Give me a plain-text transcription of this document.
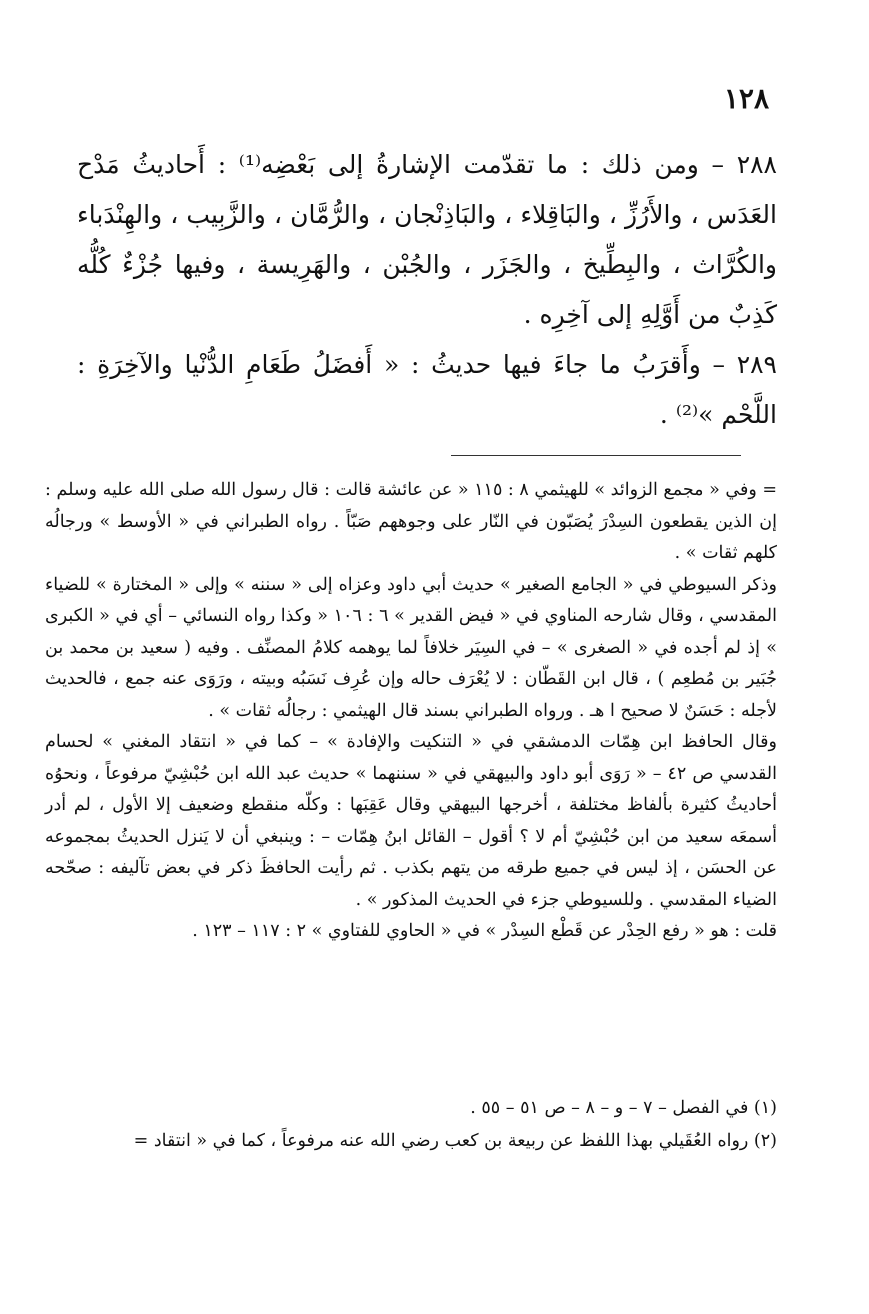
١٢٨

٢٨٨ – ومن ذلك : ما تقدّمت الإشارةُ إلى بَعْضِه⁽¹⁾ : أَحاديثُ مَدْح العَدَس ، والأَرُزِّ ، والبَاقِلاء ، والبَاذِنْجان ، والرُّمَّان ، والزَّبِيب ، والهِنْدَباء والكُرَّاث ، والبِطِّيخ ، والجَزَر ، والجُبْن ، والهَرِيسة ، وفيها جُزْءٌ كُلُّه كَذِبٌ من أَوَّلِهِ إلى آخِرِه .

٢٨٩ – وأَقرَبُ ما جاءَ فيها حديثُ : « أَفضَلُ طَعَامِ الدُّنْيا والآخِرَةِ : اللَّحْم »⁽²⁾ .

= وفي « مجمع الزوائد » للهيثمي ٨ : ١١٥ « عن عائشة قالت : قال رسول الله صلى الله عليه وسلم : إن الذين يقطعون السِدْرَ يُصَبّون في النّار على وجوههم صَبّاً . رواه الطبراني في « الأوسط » ورجالُه كلهم ثقات » .

وذكر السيوطي في « الجامع الصغير » حديث أبي داود وعزاه إلى « سننه » وإلى « المختارة » للضياء المقدسي ، وقال شارحه المناوي في « فيض القدير » ٦ : ١٠٦ « وكذا رواه النسائي – أي في « الكبرى » إذ لم أجده في « الصغرى » – في السِيَر خلافاً لما يوهمه كلامُ المصنِّف . وفيه ( سعيد بن محمد بن جُبَير بن مُطعِم ) ، قال ابن القَطّان : لا يُعْرَف حاله وإن عُرِف نَسَبُه وبيته ، ورَوَى عنه جمع ، فالحديث لأجله : حَسَنٌ لا صحيح ا هـ . ورواه الطبراني بسند قال الهيثمي : رجالُه ثقات » .

وقال الحافظ ابن هِمّات الدمشقي في « التنكيت والإفادة » – كما في « انتقاد المغني » لحسام القدسي ص ٤٢ – « رَوَى أبو داود والبيهقي في « سننهما » حديث عبد الله ابن حُبْشِيّ مرفوعاً ، ونحوُه أحاديثُ كثيرة بألفاظ مختلفة ، أخرجها البيهقي وقال عَقِبَها : وكلّه منقطع وضعيف إلا الأول ، لم أدر أسمعَه سعيد من ابن حُبْشِيّ أم لا ؟ أقول – القائل ابنُ هِمّات – : وينبغي أن لا يَنزل الحديثُ بمجموعه عن الحسَن ، إذ ليس في جميع طرقه من يتهم بكذب . ثم رأيت الحافظَ ذكر في بعض تآليفه : صحّحه الضياء المقدسي . وللسيوطي جزء في الحديث المذكور » .

قلت : هو « رفع الحِدْر عن قَطْع السِدْر » في « الحاوي للفتاوي » ٢ : ١١٧ – ١٢٣ .

(١) في الفصل – ٧ – و – ٨ – ص ٥١ – ٥٥ .

(٢) رواه العُقَيلي بهذا اللفظ عن ربيعة بن كعب رضي الله عنه مرفوعاً ، كما في « انتقاد =
